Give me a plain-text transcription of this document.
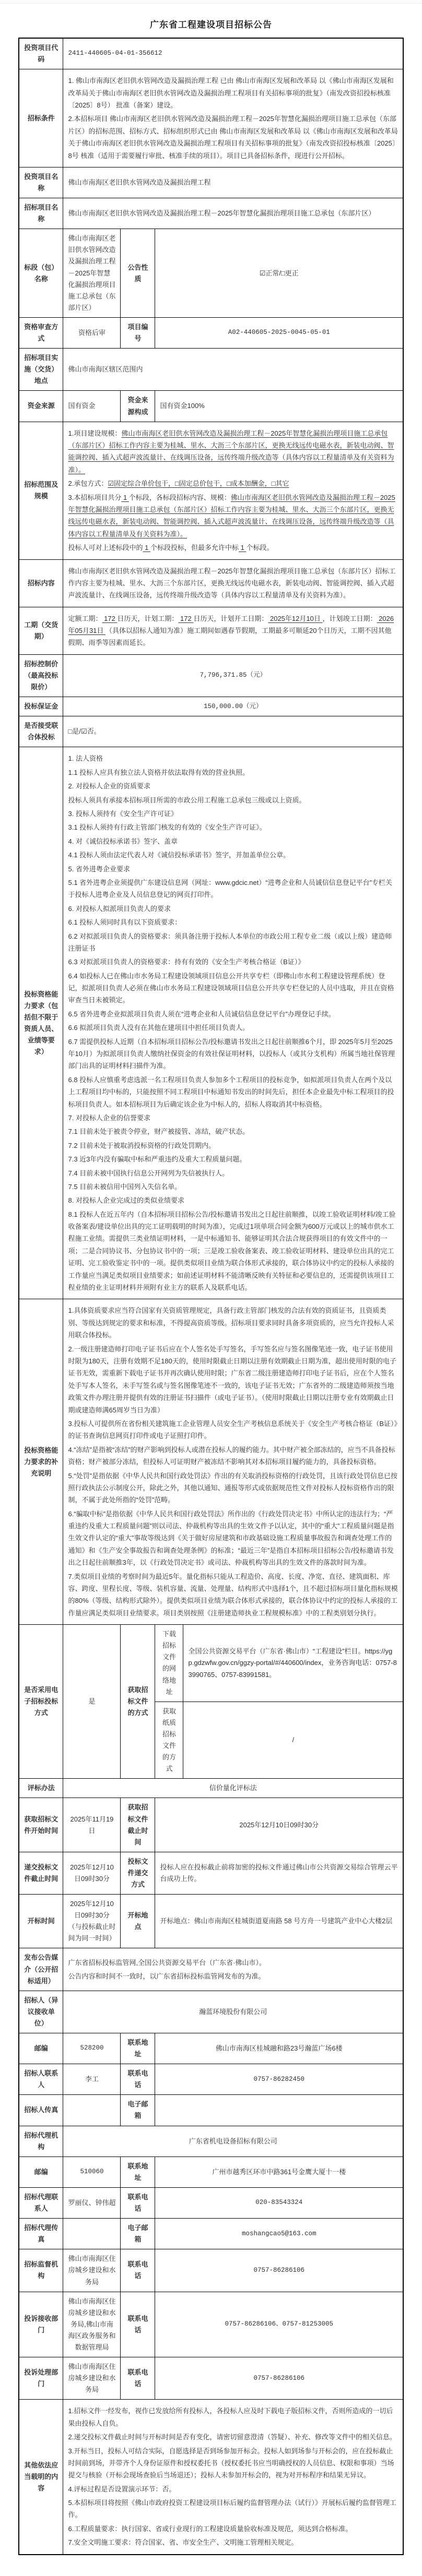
广东省工程建设项目招标公告
投资项目代码	2411-440605-04-01-356612			
招标条件	1. 佛山市南海区老旧供水管网改造及漏损治理工程 已由 佛山市南海区发展和改革局 以《佛山市南海区发展和改革局关于佛山市南海区老旧供水管网改造及漏损治理工程项目有关招标事项的批复》（南发改资招投标核准〔2025〕8号） 批准（备案）建设。

2.本招标项目 佛山市南海区老旧供水管网改造及漏损治理工程－2025年智慧化漏损治理项目施工总承包（东部片区）的招标范围、招标方式、招标组织形式已由 佛山市南海区发展和改革局 以《佛山市南海区发展和改革局关于佛山市南海区老旧供水管网改造及漏损治理工程项目有关招标事项的批复》（南发改资招投标核准〔2025〕8号 核准（适用于需要履行审批、核准手续的项目）。项目已具备招标条件，现进行公开招标。			

投资项目名称	佛山市南海区老旧供水管网改造及漏损治理工程			
招标项目名称	佛山市南海区老旧供水管网改造及漏损治理工程－2025年智慧化漏损治理项目施工总承包（东部片区）			
标段（包）名称	佛山市南海区老旧供水管网改造及漏损治理工程－2025年智慧化漏损治理项目施工总承包（东部片区）	公告性质	☑正常/□更正	
资格审查方式	资格后审	项目编号	A02-440605-2025-0045-05-01	
招标项目实施（交货）地点	佛山市南海区辖区范围内			
资金来源	国有资金	资金来源构成	国有资金100%	
招标范围及规模	1.项目建设规模：佛山市南海区老旧供水管网改造及漏损治理工程－2025年智慧化漏损治理项目施工总承包（东部片区）招标工作内容主要为桂城、里水、大沥三个东部片区，更换无线远传电磁水表，新装电动阀、智能调控阀、插入式超声波流量计、在线调压设备，远传终端升级改造等（具体内容以工程量清单及有关资料为准）。

2.承包方式：☑固定综合单价包干，□固定总价包干，□成本加酬金，□其它

3.本招标项目共分 1 个标段，各标段招标内容、规模：佛山市南海区老旧供水管网改造及漏损治理工程－2025年智慧化漏损治理项目施工总承包（东部片区）招标工作内容主要为桂城、里水、大沥三个东部片区，更换无线远传电磁水表，新装电动阀、智能调控阀、插入式超声波流量计、在线调压设备，远传终端升级改造等（具体内容以工程量清单及有关资料为准）。

投标人可对上述标段中的 1 个标段投标，但最多允许中标 1 个标段。			

招标内容	佛山市南海区老旧供水管网改造及漏损治理工程－2025年智慧化漏损治理项目施工总承包（东部片区）招标工作内容主要为桂城、里水、大沥三个东部片区，更换无线远传电磁水表，新装电动阀、智能调控阀、插入式超声波流量计、在线调压设备，远传终端升级改造等（具体内容以工程量清单及有关资料为准）。			

工期（交货期）	定额工期： 172 日历天，计划工期： 172 日历天，计划开工日期： 2025年12月10日 ，计划竣工日期： 2026年05月31日 （具体以招标人通知为准）施工期间如遇春节假期，工期最多可顺延20个日历天，工期不因其他假期、雨季等因素而延长。			

招标控制价（最高投标限价）	7,796,371.85（元）			
投标保证金	150,000.00（元）			
是否接受联合体投标	□是/☑否。			
投标资格能力要求（包括但不限于资质人员、业绩等要求）	

1. 法人资格

1.1 投标人应具有独立法人资格并依法取得有效的营业执照。

2. 对投标人企业的资质要求

投标人须具有承接本招标项目所需的市政公用工程施工总承包三级或以上资质。

3. 投标人须持有《安全生产许可证》

3.1 投标人须持有行政主管部门核发的有效的《安全生产许可证》。

4. 对《诚信投标承诺书》签字、盖章

4.1 投标人须由法定代表人对《诚信投标承诺书》签字，并加盖单位公章。

5. 省外进粤企业要求

5.1 省外进粤企业须提供广东建设信息网（网址：www.gdcic.net）“进粤企业和人员诚信信息登记平台”专栏关于投标人进粤企业及人员信息登记的网页打印件。

6. 对投标人拟派项目负责人的要求

6.1 投标人须同时具有以下资质要求：

6.2 对拟派项目负责人的资格要求：须具备注册于投标人本单位的市政公用工程专业二级（或以上级）建造师注册证书

6.3 对拟派项目负责人的资格要求：持有有效的《安全生产考核合格证（B证）》

6.4 如投标人已在佛山市水务局工程建设领域项目信息公开共享专栏（即佛山市水利工程建设管理系统）登记，拟派项目负责人必须在佛山市水务局工程建设领域项目信息公开共享专栏登记的人员中选取，并且在资格审查当日未被锁定。

6.5 省外进粤企业拟派项目负责人须在“进粤企业和人员诚信信息登记平台”办理登记手续。

6.6 拟派项目负责人没有在其他在建项目中担任项目负责人。

6.7 需提供投标人近期（自本招标项目招标公告/投标邀请书发出之日起往前顺推6个月，即 2025年5月至2025年10月）为拟派项目负责人缴纳社保资金的有效社保证明材料，以投标人（或其分支机构）所属当地社保管理部门出具的证明材料扫描件为准。

6.8 投标人应慎重考虑选派一名工程项目负责人参加多个工程项目的投标竞争，如拟派项目负责人在两个及以上工程项目均中标的，只能按照不同工程项目中标通知书发出的时间先后，担任本企业最先中标工程项目的投标项目负责人。如本招标项目为后确定该企业为中标人的，招标人将取消其中标资格。

7. 对投标人企业的信誉要求

7.1 目前未处于被责令停业，财产被接管、冻结，破产状态。

7.2 目前未处于被取消投标资格的行政处罚期内。

7.3 近3年内没有骗取中标和严重违约及重大工程质量问题。

7.4 目前未被中国执行信息公开网列为失信被执行人。

7.5 目前未被信用中国列入失信名单。

8. 对投标人企业完成过的类似业绩要求

8.1 投标人在近五年内（自本招标项目招标公告/投标邀请书发出之日起往前顺推，以竣工验收证明材料/竣工验收备案表/建设单位出具的完工证明载明的时间为准），完成过1项单项合同金额为600万元或以上的城市供水工程施工业绩。需提供三类业绩证明材料，一是中标通知书、能够证明其合法合规获得项目的有效文件中的一项；二是合同协议书、分包协议书中的一项；三是竣工验收备案表、竣工验收证明材料、建设单位出具的完工证明、完工验收鉴定书中的一项。提供类似项目业绩为联合体形式承接的，联合体协议中约定的投标人承接的工作量应当满足类似项目业绩要求；如前述证明材料不能清晰反映有关特征和必要信息的，还需提供该项目工程业绩的业主证明材料并须附有业主方的联系人及联系电话。

投标资格能力要求的补充说明	

1.具体资质要求应当符合国家有关资质管理规定，具备行政主管部门核发的合法有效的资质证书，且资质类别、等级达到规定的要求和标准，不得提高资质等级。招标项目要求同时具备多项资质的，应当允许投标人采用联合体投标。

2.一级注册建造师打印电子证书后应在个人签名处手写签名，手写签名应与签名图像笔迹一致，电子证书使用时限为180天，注册有效期不足180天的，使用时限截止日期以注册有效期截止日期为准，超出使用时限的电子证书无效，需重新下载电子证书并再次确认使用时限；广东省二级注册建造师打印电子证书后，应在个人签名处手写本人签名，未手写签名或与签名图像笔迹不一致的，该电子证书无效；广东省外的二级建造师须按当地政策文件办理注册并提供有效的注册证书扫描件（或电子证书）。（使用时限截止日期以注册专业有效期截止日期或建造师满65周岁当日为准）

3.投标人可提供所在省份相关建筑施工企业管理人员安全生产考核信息系统关于《安全生产考核合格证（B证）》的证书查询信息网页打印件或电子证照打印件。

4.“冻结”是指被“冻结”的财产影响到投标人或潜在投标人的履约能力。其中财产被全部冻结的，应当不具备投标资格；财产被部分冻结，但投标人可证明财产被冻结不影响其对本招标项目履约能力的，具备投标资格。

5.“处罚”是指依据《中华人民共和国行政处罚法》作出的有关取消投标资格的行政处罚，且该行政处罚信息已按照行政执法公示制度公开，除此之外，其他以通知、通报等形式或依据规范性文件对投标人投标资格作出的限制，不属于此处所指的“处罚”范畴。

6.“骗取中标”是指依据《中华人民共和国行政处罚法》所作出的《行政处罚决定书》中所认定的违法行为；“严重违约及重大工程质量问题”则以司法、仲裁机构等出具的生效文件予以认定，其中的“重大”工程质量问题是指生效文件认定的“重大”事故等级达到《关于做好房屋建筑和市政基础设施工程质量事故报告和调查处理工作的通知》和《生产安全事故报告和调查处理条例》的标准；“最近三年”是指自本招标项目招标公告/投标邀请书发出之日起往前顺推3年，以《行政处罚决定书》或司法、仲裁机构等出具的生效文件的落款时间为准。

7.类似项目业绩的考察时间为最近5年。量化指标只能从工程造价、高度、长度、净宽、直径、建筑面积、库容、跨度、里程长度、等级、装机容量、流量、处理量、结构形式中选择1个，且不超过招标项目量化指标规模的80%（等级、结构形式除外）。提供类似项目业绩为联合体形式承接的，联合体协议中约定的投标人承接的工作量应满足类似项目业绩要求。项目类别按照《注册建造师执业工程规模标准》中的工程类别划分执行。

是否采用电子招标投标方式	是	获取招标文件的方式	下载招标文件的网络地址	全国公共资源交易平台（广东省·佛山市）“工程建设”栏目。https://ygp.gdzwfw.gov.cn/ggzy-portal/#/440600/index，业务咨询电话：0757-83990765、0757-83991581。
			获取纸质招标文件的方式	/
评标办法	信价量化评标法			
获取招标文件开始时间	2025年11月19日	获取招标文件截止时间	2025年12月10日09时30分	
递交投标文件截止时间	2025年12月10日09时30分	投标文件递交方式	投标人应在投标截止前将加密的投标文件通过佛山市公共资源交易综合管理云平台成功上传。	
开标时间	2025年12月10日09时30分（与投标截止时间为同一时间）	开标地点	开标地点：佛山市南海区桂城街道夏南路 58 号方舟一号建筑产业中心大楼2层	
发布公告媒介（公开招标适用）	广东省招标投标监管网,全国公共资源交易平台（广东省·佛山市）。

公告内容和时间不一致时，以广东省招标投标监管网发布的为准。			

招标人（异议接收单位）	瀚蓝环境股份有限公司			
邮编	528200	联系地址	佛山市南海区桂城融和路23号瀚蓝广场6楼	
招标人联系人	李工	联系电话	0757-86282450	
招标人传真		电子邮箱		
招标代理机构	广东省机电设备招标有限公司			
邮编	510060	联系地址	广州市越秀区环市中路361号金鹰大厦十一楼	
招标代理联系人	罗丽仪、钟伟超	联系电话	020-83543324	
招标代理传真		电子邮箱	moshangcao5@163.com	
招标监督机构	佛山市南海区住房城乡建设和水务局	联系电话	0757-86286106	
投诉接收部门	佛山市南海区住房城乡建设和水务局,佛山市南海区政务服务和数据管理局	联系电话	0757-86286106、0757-81253005	
投诉处理部门	佛山市南海区住房城乡建设和水务局	联系电话	0757-86286106	
其他依法应当载明的内容	

1.招标文件一经发布，视作已发放给所有投标人，各投标人应及时下载电子版招标文件，否则所造成的一切后果由投标人自负。

2.递交投标文件截止时间与开标时间是否有变化，请密切留意澄清（答疑）、补充、修改等文件中的相关信息。

3.开标当日，投标人可结合实际，自愿选择是否到场参加开标会。投标人如到场参与开标会的，应在投标截止时间前到场，并带齐个人身份证原件和授权委托书（授权委托书应当明确授权的人员信息、权限和事项）当场提交与核验（开标会现场查验后当场退还）；投标人未参加开标会的，视为对开标程序和结果无异议。

4.评标过程是否设置演示环节：否。

5.本招标项目将按照《佛山市政府投资工程建设项目标后履约监督管理办法（试行）》开展标后履约监督管理工作。

6.工程质量要求：执行国家、省或行业现行的工程建设质量验收标准及规范，须达到合格标准。

7.安全文明施工要求：符合国家、省、市安全生产、文明施工管理相关规定。
